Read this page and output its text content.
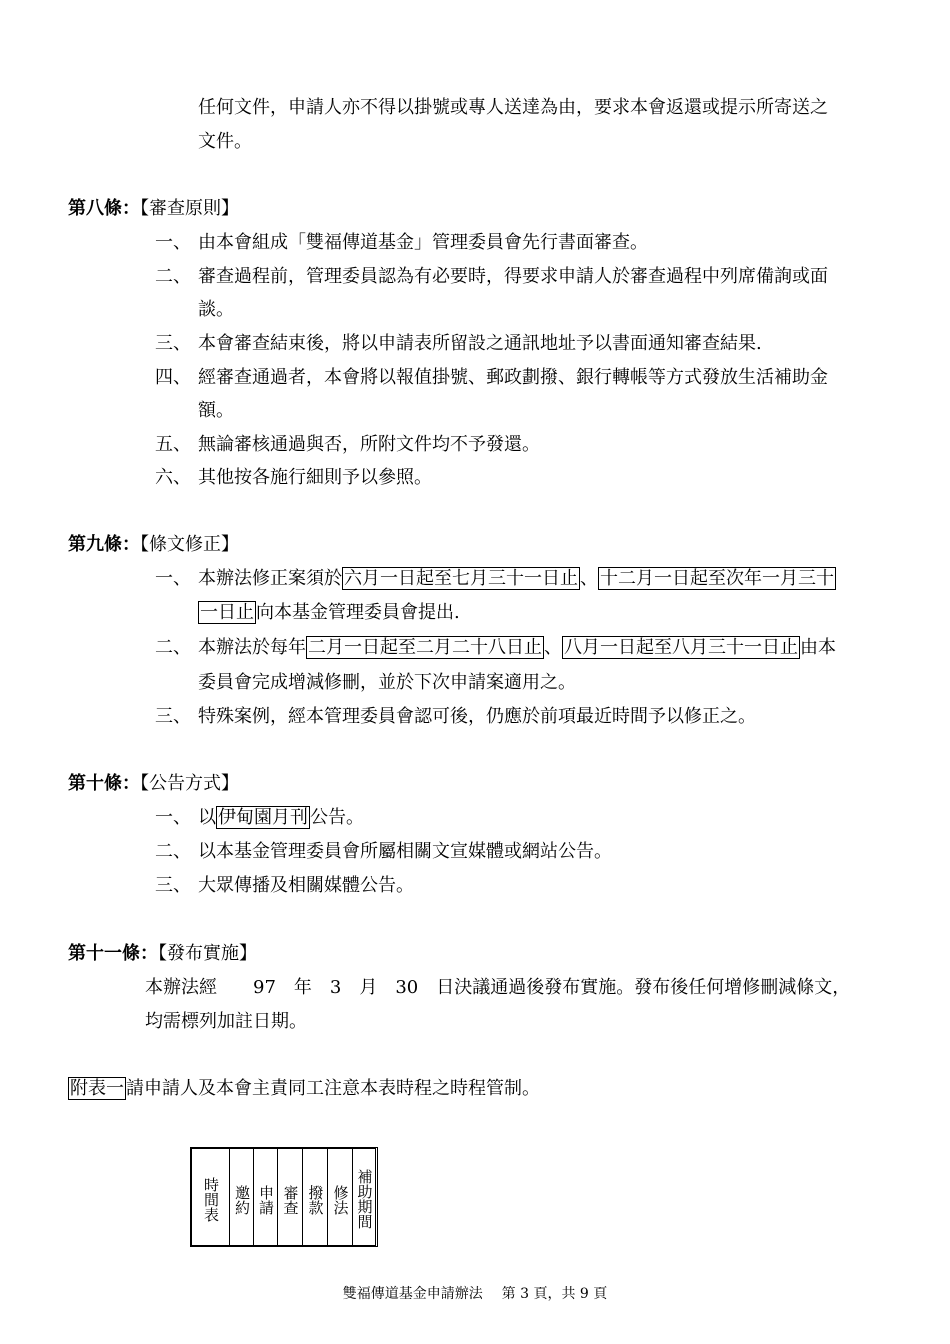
任何文件，申請人亦不得以掛號或專人送達為由，要求本會返還或提示所寄送之
文件。
第八條：【審查原則】
一、 由本會組成「雙福傳道基金」管理委員會先行書面審查。
二、 審查過程前，管理委員認為有必要時，得要求申請人於審查過程中列席備詢或面
談。
三、 本會審查結束後，將以申請表所留設之通訊地址予以書面通知審查結果.
四、 經審查通過者，本會將以報值掛號、郵政劃撥、銀行轉帳等方式發放生活補助金
額。
五、 無論審核通過與否，所附文件均不予發還。
六、 其他按各施行細則予以參照。
第九條：【條文修正】
一、 本辦法修正案須於 六月一日起至七月三十一日止 、 十二月一日起至次年一月三十
一日止 向本基金管理委員會提出.
二、 本辦法於每年 二月一日起至二月二十八日止 、 八月一日起至八月三十一日止 由本
委員會完成增減修刪，並於下次申請案適用之。
三、 特殊案例，經本管理委員會認可後，仍應於前項最近時間予以修正之。
第十條：【公告方式】
一、 以 伊甸園月刊 公告。
二、 以本基金管理委員會所屬相關文宣媒體或網站公告。
三、 大眾傳播及相關媒體公告。
第十一條：【發布實施】
本辦法經 97 年 3 月 30 日決議通過後發布實施。發布後任何增修刪減條文，
均需標列加註日期。
附表一 請申請人及本會主責同工注意本表時程之時程管制。
時間表 邀約 申請 審查 撥款 修法 補助期間
雙福傳道基金申請辦法 第 3 頁，共 9 頁
